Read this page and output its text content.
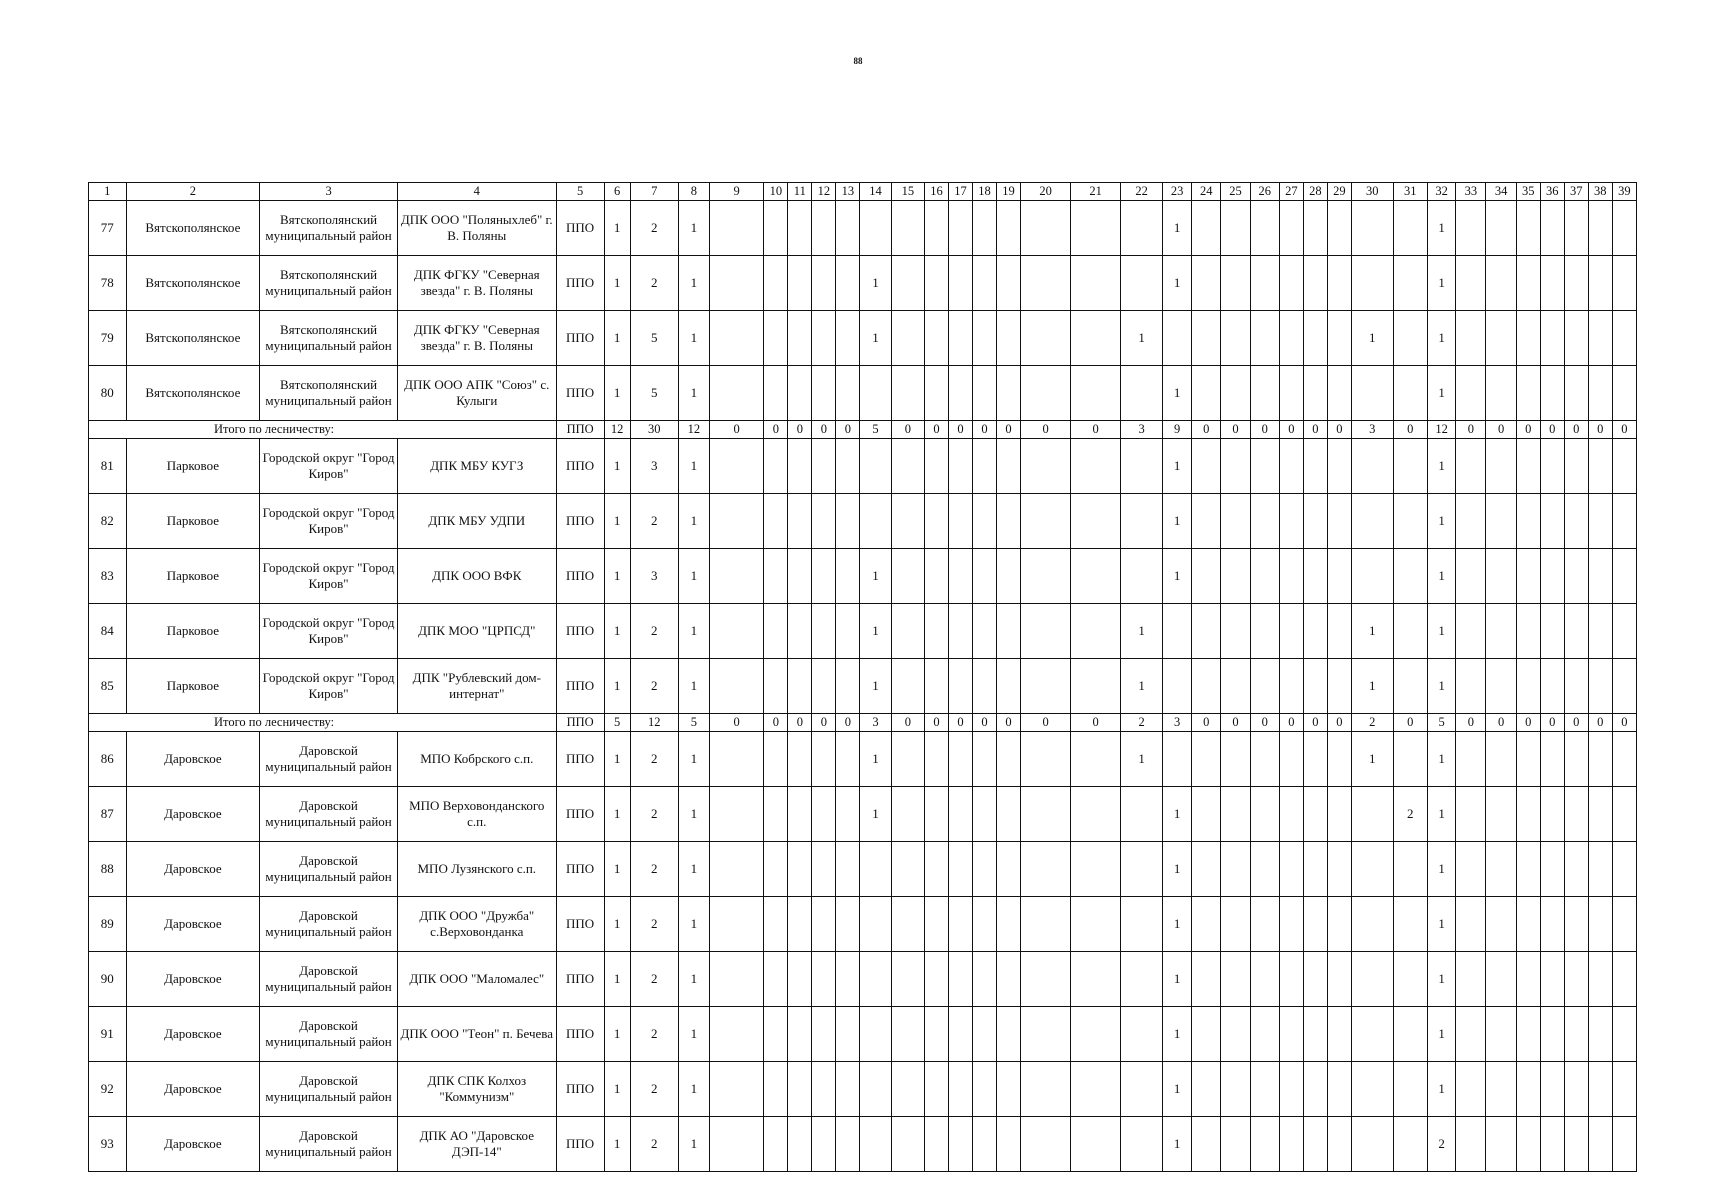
88
1	2	3	4	5	6	7	8	9	10	11	12	13	14	15	16	17	18	19	20	21	22	23	24	25	26	27	28	29	30	31	32	33	34	35	36	37	38	39
77	Вятскополянское	Вятскополянский муниципальный район	ДПК ООО "Поляныхлеб" г. В. Поляны	ППО	1	2	1															1									1							
78	Вятскополянское	Вятскополянский муниципальный район	ДПК ФГКУ "Северная звезда" г. В. Поляны	ППО	1	2	1						1									1									1							
79	Вятскополянское	Вятскополянский муниципальный район	ДПК ФГКУ "Северная звезда" г. В. Поляны	ППО	1	5	1						1								1								1		1							
80	Вятскополянское	Вятскополянский муниципальный район	ДПК ООО АПК "Союз" с. Кулыги	ППО	1	5	1															1									1							
Итого по лесничеству:				ППО	12	30	12	0	0	0	0	0	5	0	0	0	0	0	0	0	3	9	0	0	0	0	0	0	3	0	12	0	0	0	0	0	0	0
81	Парковое	Городской округ "Город Киров"	ДПК МБУ КУГЗ	ППО	1	3	1															1									1							
82	Парковое	Городской округ "Город Киров"	ДПК МБУ УДПИ	ППО	1	2	1															1									1							
83	Парковое	Городской округ "Город Киров"	ДПК ООО ВФК	ППО	1	3	1						1									1									1							
84	Парковое	Городской округ "Город Киров"	ДПК МОО "ЦРПСД"	ППО	1	2	1						1								1								1		1							
85	Парковое	Городской округ "Город Киров"	ДПК "Рублевский дом-интернат"	ППО	1	2	1						1								1								1		1							
Итого по лесничеству:				ППО	5	12	5	0	0	0	0	0	3	0	0	0	0	0	0	0	2	3	0	0	0	0	0	0	2	0	5	0	0	0	0	0	0	0
86	Даровское	Даровской муниципальный район	МПО Кобрского с.п.	ППО	1	2	1						1								1								1		1							
87	Даровское	Даровской муниципальный район	МПО Верховонданского с.п.	ППО	1	2	1						1									1								2	1							
88	Даровское	Даровской муниципальный район	МПО Лузянского с.п.	ППО	1	2	1															1									1							
89	Даровское	Даровской муниципальный район	ДПК ООО "Дружба" с.Верховонданка	ППО	1	2	1															1									1							
90	Даровское	Даровской муниципальный район	ДПК ООО "Маломалес"	ППО	1	2	1															1									1							
91	Даровское	Даровской муниципальный район	ДПК ООО "Теон" п. Бечева	ППО	1	2	1															1									1							
92	Даровское	Даровской муниципальный район	ДПК СПК Колхоз "Коммунизм"	ППО	1	2	1															1									1							
93	Даровское	Даровской муниципальный район	ДПК АО "Даровское ДЭП-14"	ППО	1	2	1															1									2							
